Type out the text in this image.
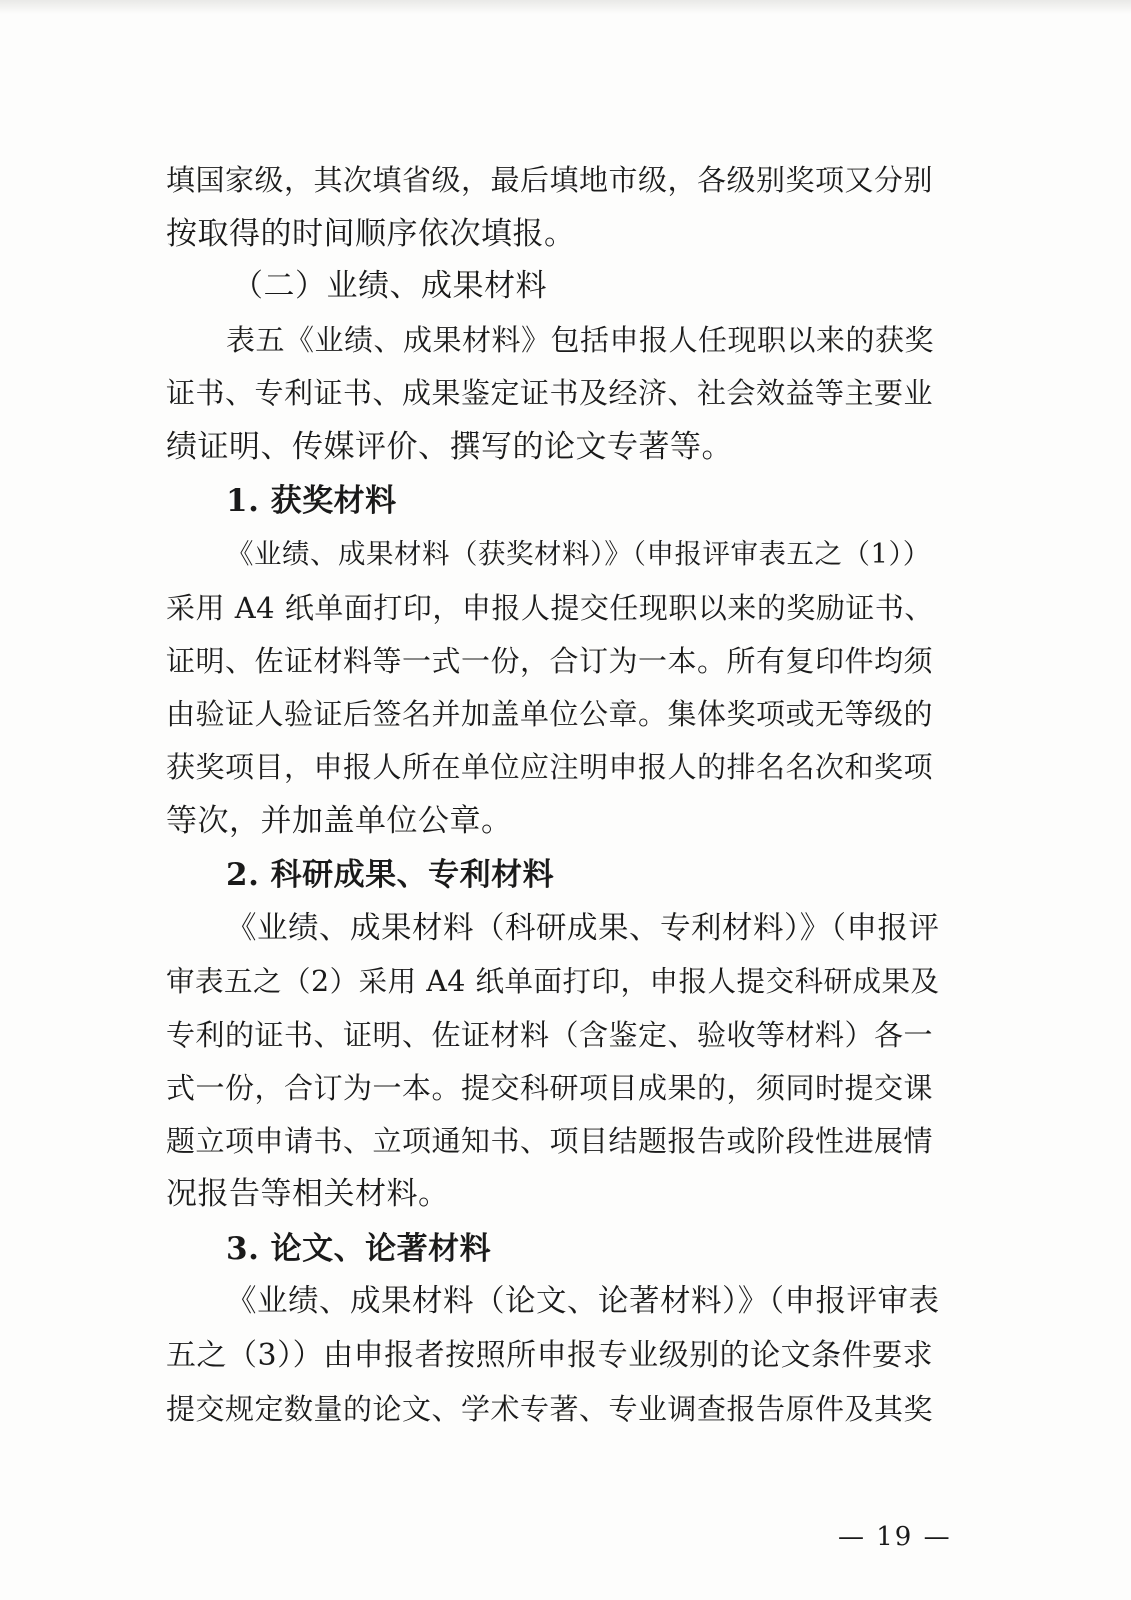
填国家级，其次填省级，最后填地市级，各级别奖项又分别
按取得的时间顺序依次填报。
（二）业绩、成果材料
表五《业绩、成果材料》包括申报人任现职以来的获奖
证书、专利证书、成果鉴定证书及经济、社会效益等主要业
绩证明、传媒评价、撰写的论文专著等。
1. 获奖材料
《业绩、成果材料（获奖材料）》（申报评审表五之（1））
采用 A4 纸单面打印，申报人提交任现职以来的奖励证书、
证明、佐证材料等一式一份，合订为一本。所有复印件均须
由验证人验证后签名并加盖单位公章。集体奖项或无等级的
获奖项目，申报人所在单位应注明申报人的排名名次和奖项
等次，并加盖单位公章。
2. 科研成果、专利材料
《业绩、成果材料（科研成果、专利材料）》（申报评
审表五之（2）采用 A4 纸单面打印，申报人提交科研成果及
专利的证书、证明、佐证材料（含鉴定、验收等材料）各一
式一份，合订为一本。提交科研项目成果的，须同时提交课
题立项申请书、立项通知书、项目结题报告或阶段性进展情
况报告等相关材料。
3. 论文、论著材料
《业绩、成果材料（论文、论著材料）》（申报评审表
五之（3））由申报者按照所申报专业级别的论文条件要求
提交规定数量的论文、学术专著、专业调查报告原件及其奖
— 19 —
